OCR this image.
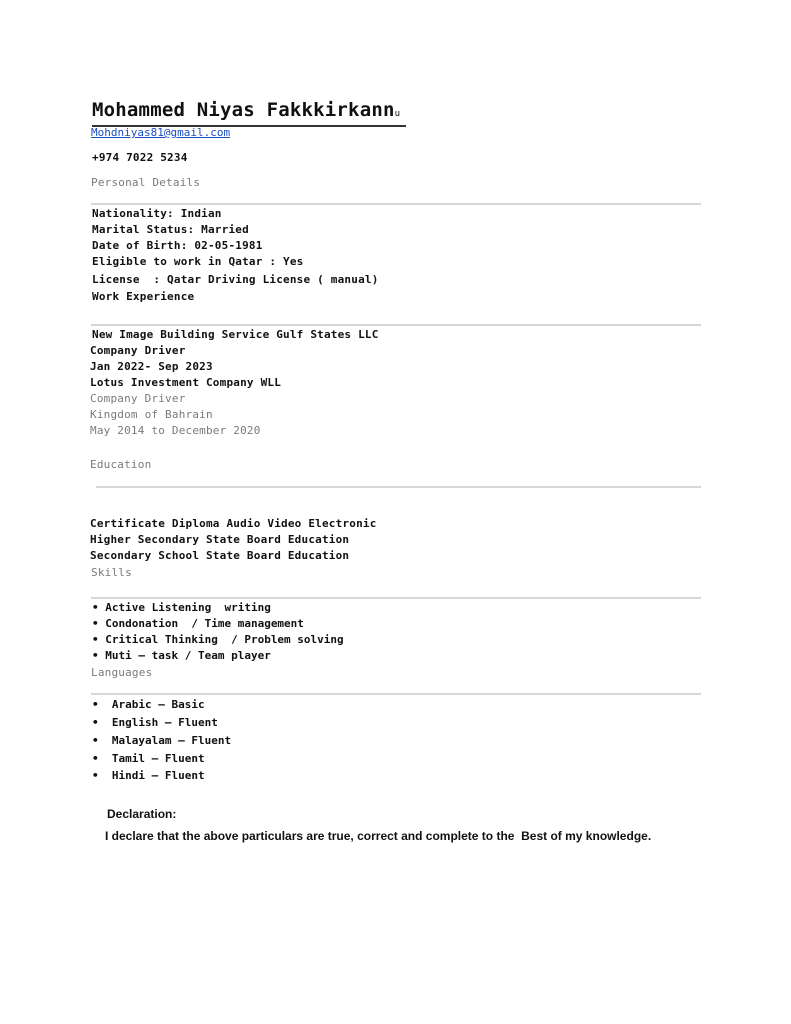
Mohammed Niyas Fakkkirkannu
Mohdniyas81@gmail.com
+974 7022 5234
Personal Details
Nationality: Indian
Marital Status: Married
Date of Birth: 02-05-1981
Eligible to work in Qatar : Yes
License  : Qatar Driving License ( manual)
Work Experience
New Image Building Service Gulf States LLC
Company Driver
Jan 2022- Sep 2023
Lotus Investment Company WLL
Company Driver
Kingdom of Bahrain
May 2014 to December 2020
Education
Certificate Diploma Audio Video Electronic
Higher Secondary State Board Education
Secondary School State Board Education
Skills
• Active Listening  writing
• Condonation  / Time management
• Critical Thinking  / Problem solving
• Muti – task / Team player
Languages
•  Arabic – Basic
•  English – Fluent
•  Malayalam – Fluent
•  Tamil – Fluent
•  Hindi – Fluent
Declaration:
I declare that the above particulars are true, correct and complete to the  Best of my knowledge.
